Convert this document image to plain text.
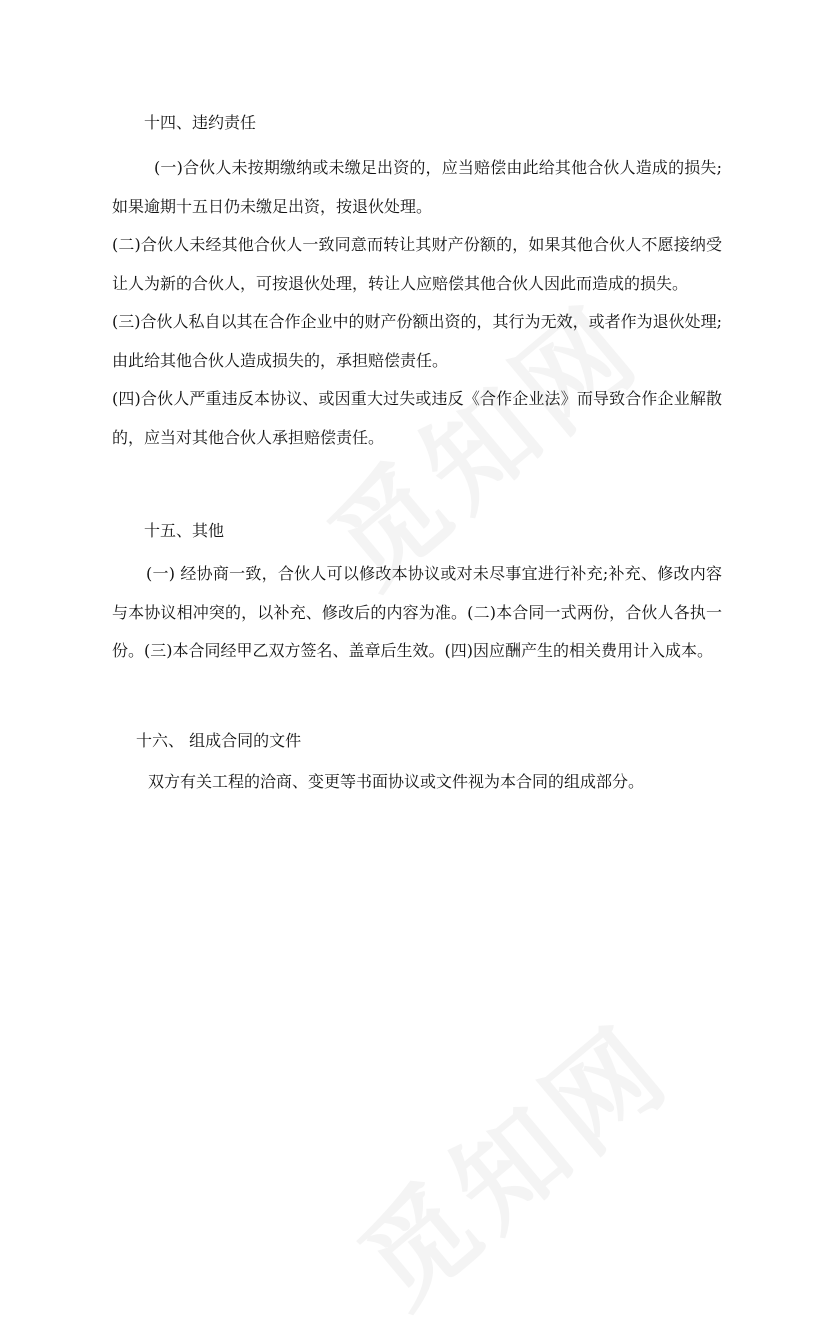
十四、违约责任

(一)合伙人未按期缴纳或未缴足出资的，应当赔偿由此给其他合伙人造成的损失;如果逾期十五日仍未缴足出资，按退伙处理。

(二)合伙人未经其他合伙人一致同意而转让其财产份额的，如果其他合伙人不愿接纳受让人为新的合伙人，可按退伙处理，转让人应赔偿其他合伙人因此而造成的损失。

(三)合伙人私自以其在合作企业中的财产份额出资的，其行为无效，或者作为退伙处理;由此给其他合伙人造成损失的，承担赔偿责任。

(四)合伙人严重违反本协议、或因重大过失或违反《合作企业法》而导致合作企业解散的，应当对其他合伙人承担赔偿责任。

十五、其他

(一) 经协商一致，合伙人可以修改本协议或对未尽事宜进行补充;补充、修改内容与本协议相冲突的，以补充、修改后的内容为准。(二)本合同一式两份，合伙人各执一份。(三)本合同经甲乙双方签名、盖章后生效。(四)因应酬产生的相关费用计入成本。

十六、 组成合同的文件

双方有关工程的洽商、变更等书面协议或文件视为本合同的组成部分。
